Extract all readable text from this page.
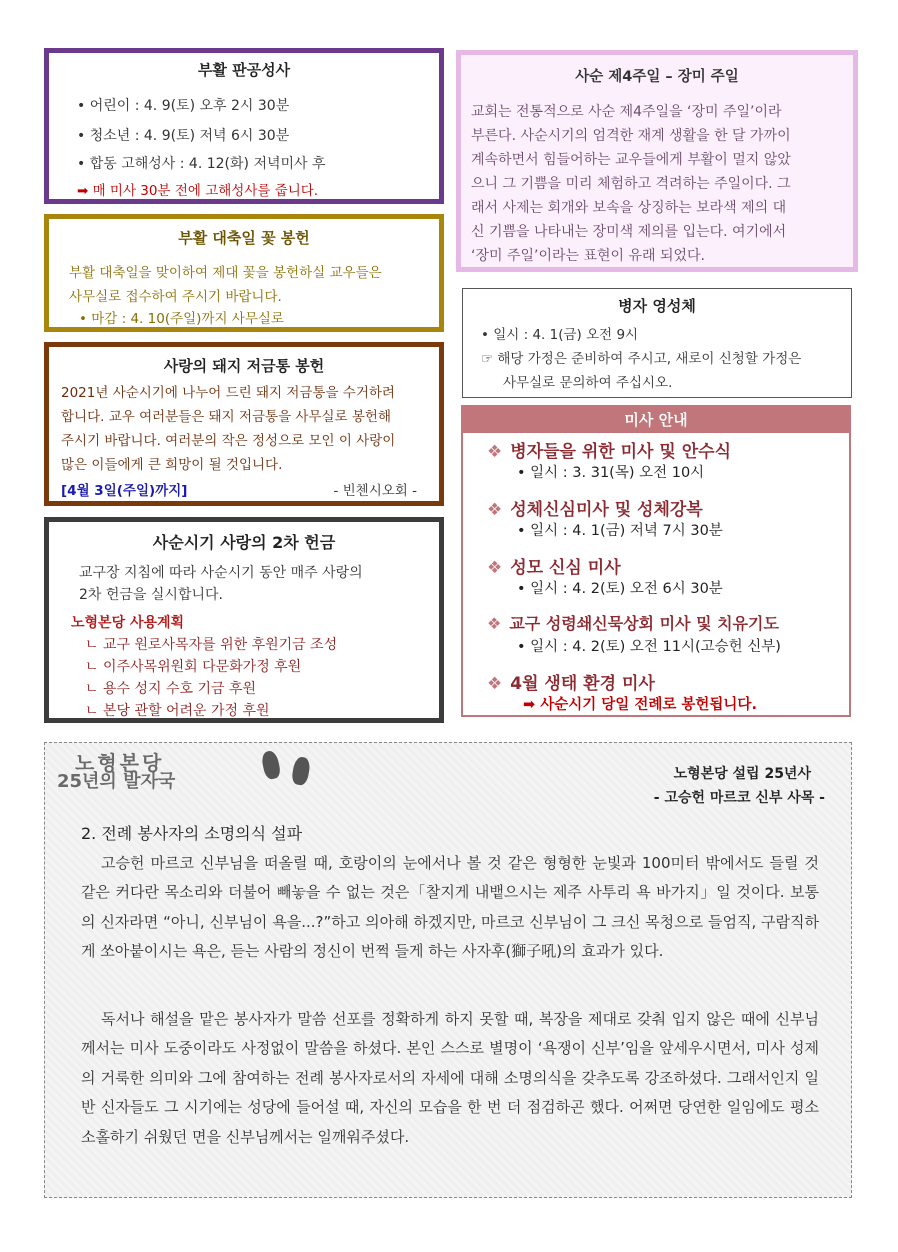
부활 판공성사
• 어린이 : 4. 9(토) 오후 2시 30분
• 청소년 : 4. 9(토) 저녁 6시 30분
• 합동 고해성사 : 4. 12(화) 저녁미사 후
➡ 매 미사 30분 전에 고해성사를 줍니다.
부활 대축일 꽃 봉헌
부활 대축일을 맞이하여 제대 꽃을 봉헌하실 교우들은
사무실로 접수하여 주시기 바랍니다.
• 마감 : 4. 10(주일)까지 사무실로
사랑의 돼지 저금통 봉헌
2021년 사순시기에 나누어 드린 돼지 저금통을 수거하려
합니다. 교우 여러분들은 돼지 저금통을 사무실로 봉헌해
주시기 바랍니다. 여러분의 작은 정성으로 모인 이 사랑이
많은 이들에게 큰 희망이 될 것입니다.
[4월 3일(주일)까지]	- 빈첸시오회 -
사순시기 사랑의 2차 헌금
교구장 지침에 따라 사순시기 동안 매주 사랑의
2차 헌금을 실시합니다.
노형본당 사용계획
ㄴ 교구 원로사목자를 위한 후원기금 조성
ㄴ 이주사목위원회 다문화가정 후원
ㄴ 용수 성지 수호 기금 후원
ㄴ 본당 관할 어려운 가정 후원
사순 제4주일 – 장미 주일
교회는 전통적으로 사순 제4주일을 ‘장미 주일’이라
부른다. 사순시기의 엄격한 재계 생활을 한 달 가까이
계속하면서 힘들어하는 교우들에게 부활이 멀지 않았
으니 그 기쁨을 미리 체험하고 격려하는 주일이다. 그
래서 사제는 회개와 보속을 상징하는 보라색 제의 대
신 기쁨을 나타내는 장미색 제의를 입는다. 여기에서
‘장미 주일’이라는 표현이 유래 되었다.
병자 영성체
• 일시 : 4. 1(금) 오전 9시
☞ 해당 가정은 준비하여 주시고, 새로이 신청할 가정은
사무실로 문의하여 주십시오.
미사 안내
❖ 병자들을 위한 미사 및 안수식
• 일시 : 3. 31(목) 오전 10시
❖ 성체신심미사 및 성체강복
• 일시 : 4. 1(금) 저녁 7시 30분
❖ 성모 신심 미사
• 일시 : 4. 2(토) 오전 6시 30분
❖ 교구 성령쇄신묵상회 미사 및 치유기도
• 일시 : 4. 2(토) 오전 11시(고승헌 신부)
❖ 4월 생태 환경 미사
➡ 사순시기 당일 전례로 봉헌됩니다.
노형본당
25년의 발자국	노형본당 설립 25년사
- 고승헌 마르코 신부 사목 -
2. 전례 봉사자의 소명의식 설파
고승헌 마르코 신부님을 떠올릴 때, 호랑이의 눈에서나 볼 것 같은 형형한 눈빛과 100미터 밖에서도 들릴 것 같은 커다란 목소리와 더불어 빼놓을 수 없는 것은「찰지게 내뱉으시는 제주 사투리 욕 바가지」일 것이다. 보통의 신자라면 “아니, 신부님이 욕을...?”하고 의아해 하겠지만, 마르코 신부님이 그 크신 목청으로 들엄직, 구람직하게 쏘아붙이시는 욕은, 듣는 사람의 정신이 번쩍 들게 하는 사자후(獅子吼)의 효과가 있다.
독서나 해설을 맡은 봉사자가 말씀 선포를 정확하게 하지 못할 때, 복장을 제대로 갖춰 입지 않은 때에 신부님께서는 미사 도중이라도 사정없이 말씀을 하셨다. 본인 스스로 별명이 ‘욕쟁이 신부’임을 앞세우시면서, 미사 성제의 거룩한 의미와 그에 참여하는 전례 봉사자로서의 자세에 대해 소명의식을 갖추도록 강조하셨다. 그래서인지 일반 신자들도 그 시기에는 성당에 들어설 때, 자신의 모습을 한 번 더 점검하곤 했다. 어쩌면 당연한 일임에도 평소 소홀하기 쉬웠던 면을 신부님께서는 일깨워주셨다.
